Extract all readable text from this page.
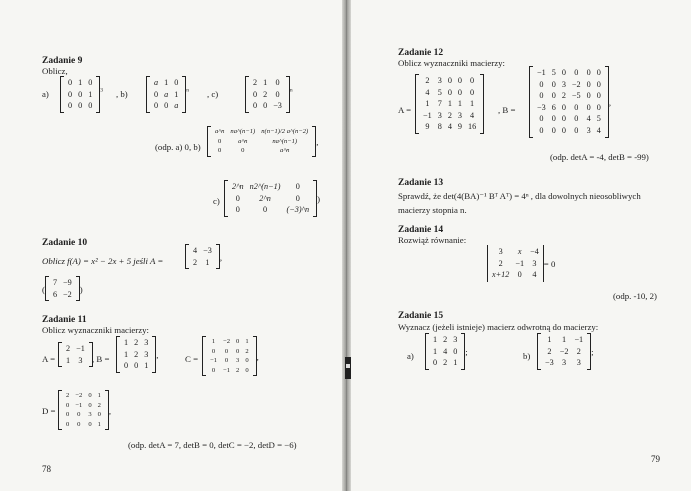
Zadanie 9
Oblicz,
a)
0	1	0
0	0	1
0	0	0
$^3$ , b)
a	1	0
0	a	1
0	0	a
$^n$ , c)
2	1	0
0	2	0
0	0	−3
$^n$
(odp. a) 0, b)
a^n	na^(n−1)	n(n−1)/2 a^(n−2)
0	a^n	na^(n−1)
0	0	a^n
,
c)
2^n	n2^(n−1)	0
0	2^n	0
0	0	(−3)^n
)
Zadanie 10
Oblicz f(A) = x² − 2x + 5 jeśli A =
4	−3
2	1 ,
(
7	−9
6	−2 )
Zadanie 11
Oblicz wyznaczniki macierzy:
A =
2	−1
1	3 , B =
1	2	3
1	2	3
0	0	1
,	C =
1	−2	0	1
0	0	0	2
−1	0	3	0
0	−1	2	0
,
D =
2	−2	0	1
0	−1	0	2
0	0	3	0
0	0	0	1
,
(odp. detA = 7, detB = 0, detC = −2, detD = −6)
78
Zadanie 12
Oblicz wyznaczniki macierzy:
A =
2	3	0	0	0
4	5	0	0	0
1	7	1	1	1
−1	3	2	3	4
9	8	4	9	16
, B =
−1	5	0	0	0	0
0	0	3	−2	0	0
0	0	2	−5	0	0
−3	6	0	0	0	0
0	0	0	0	4	5
0	0	0	0	3	4
,
(odp. detA = -4, detB = -99)
Zadanie 13
Sprawdź, że det(4(BA)⁻¹ Bᵀ Aᵀ) = 4ⁿ , dla dowolnych nieosobliwych
macierzy stopnia n.
Zadanie 14
Rozwiąż równanie:
3	x	−4
2	−1	3
x+12	0	4
= 0
(odp. -10, 2)
Zadanie 15
Wyznacz (jeżeli istnieje) macierz odwrotną do macierzy:
a)
1	2	3
1	4	0
0	2	1
;	b)
1	1	−1
2	−2	2
−3	3	3
;
79
